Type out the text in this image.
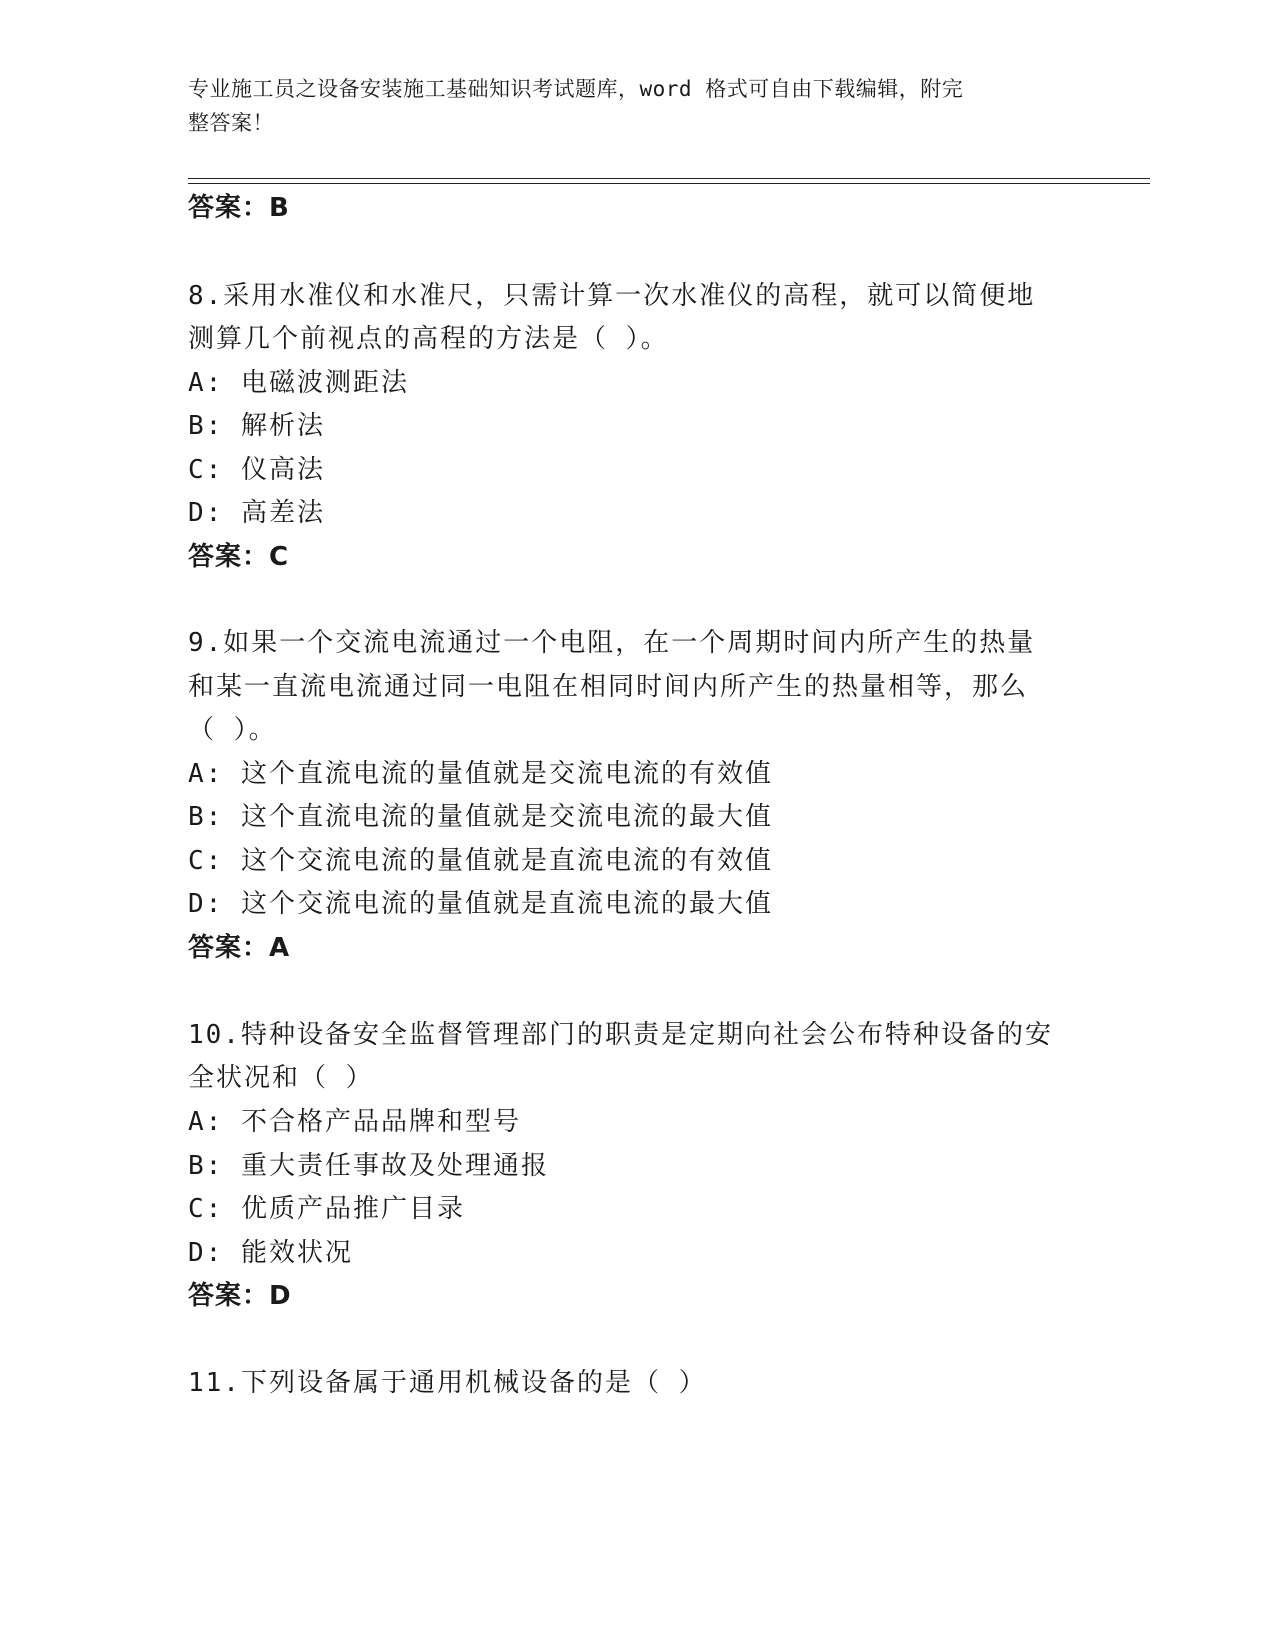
专业施工员之设备安装施工基础知识考试题库，word 格式可自由下载编辑，附完
整答案！
答案：B
8.采用水准仪和水准尺，只需计算一次水准仪的高程，就可以简便地
测算几个前视点的高程的方法是（ ）。
A: 电磁波测距法
B: 解析法
C: 仪高法
D: 高差法
答案：C
9.如果一个交流电流通过一个电阻，在一个周期时间内所产生的热量
和某一直流电流通过同一电阻在相同时间内所产生的热量相等，那么
（ ）。
A: 这个直流电流的量值就是交流电流的有效值
B: 这个直流电流的量值就是交流电流的最大值
C: 这个交流电流的量值就是直流电流的有效值
D: 这个交流电流的量值就是直流电流的最大值
答案：A
10.特种设备安全监督管理部门的职责是定期向社会公布特种设备的安
全状况和（ ）
A: 不合格产品品牌和型号
B: 重大责任事故及处理通报
C: 优质产品推广目录
D: 能效状况
答案：D
11.下列设备属于通用机械设备的是（ ）
